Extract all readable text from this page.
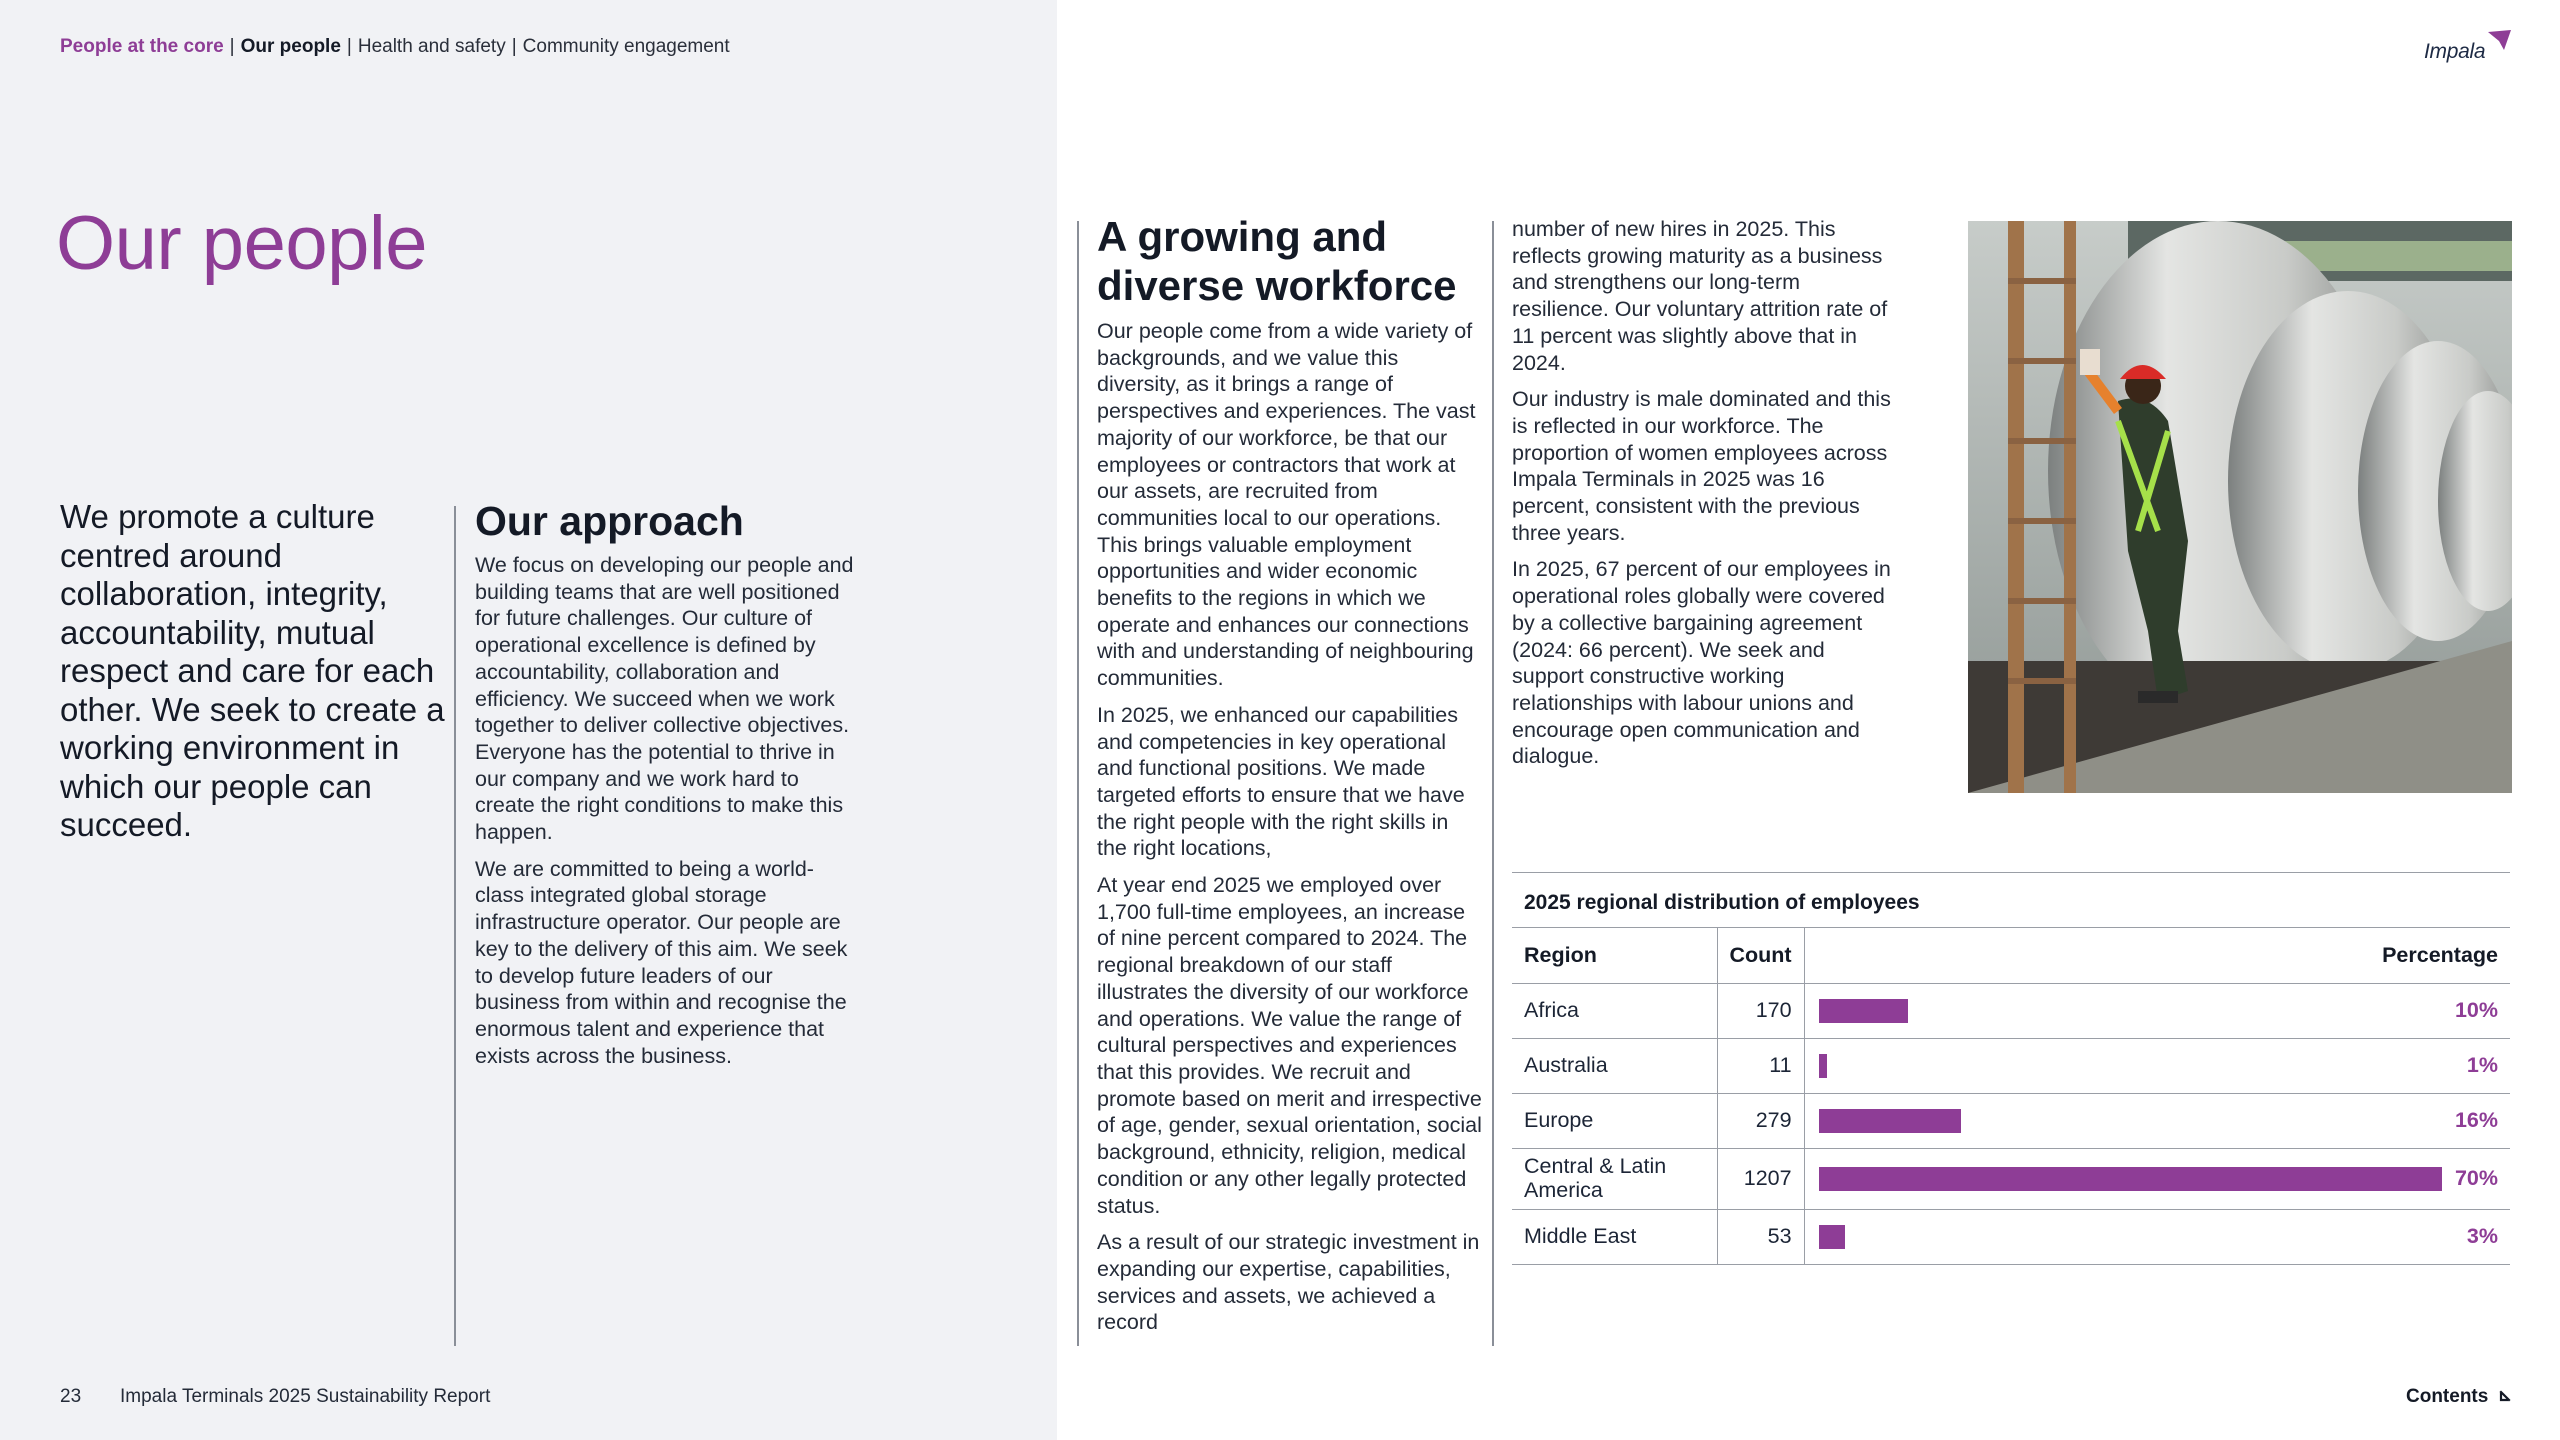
People at the core | Our people | Health and safety | Community engagement	Impala
Our people
We promote a culture centred around collaboration, integrity, accountability, mutual respect and care for each other. We seek to create a working environment in which our people can succeed.
Our approach

We focus on developing our people and building teams that are well positioned for future challenges. Our culture of operational excellence is defined by accountability, collaboration and efficiency. We succeed when we work together to deliver collective objectives. Everyone has the potential to thrive in our company and we work hard to create the right conditions to make this happen.

We are committed to being a world-class integrated global storage infrastructure operator. Our people are key to the delivery of this aim. We seek to develop future leaders of our business from within and recognise the enormous talent and experience that exists across the business.

A growing and diverse workforce

Our people come from a wide variety of backgrounds, and we value this diversity, as it brings a range of perspectives and experiences. The vast majority of our workforce, be that our employees or contractors that work at our assets, are recruited from communities local to our operations. This brings valuable employment opportunities and wider economic benefits to the regions in which we operate and enhances our connections with and understanding of neighbouring communities.

In 2025, we enhanced our capabilities and competencies in key operational and functional positions. We made targeted efforts to ensure that we have the right people with the right skills in the right locations,

At year end 2025 we employed over 1,700 full-time employees, an increase of nine percent compared to 2024. The regional breakdown of our staff illustrates the diversity of our workforce and operations. We value the range of cultural perspectives and experiences that this provides. We recruit and promote based on merit and irrespective of age, gender, sexual orientation, social background, ethnicity, religion, medical condition or any other legally protected status.

As a result of our strategic investment in expanding our expertise, capabilities, services and assets, we achieved a record

number of new hires in 2025. This reflects growing maturity as a business and strengthens our long-term resilience. Our voluntary attrition rate of 11 percent was slightly above that in 2024.

Our industry is male dominated and this is reflected in our workforce. The proportion of women employees across Impala Terminals in 2025 was 16 percent, consistent with the previous three years.

In 2025, 67 percent of our employees in operational roles globally were covered by a collective bargaining agreement (2024: 66 percent). We seek and support constructive working relationships with labour unions and encourage open communication and dialogue.

2025 regional distribution of employees
Region	Count	Percentage
Africa	170	10%
Australia	11	1%
Europe	279	16%
Central & Latin America	1207	70%
Middle East	53	3%
23 Impala Terminals 2025 Sustainability Report	Contents
